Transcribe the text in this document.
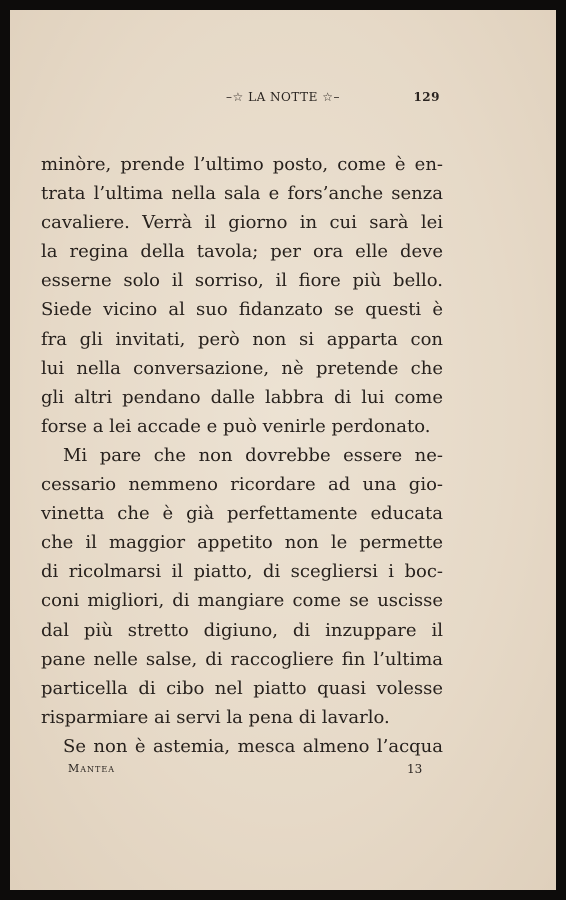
–☆ LA NOTTE ☆–	129
minòre, prende l’ultimo posto, come è en-
trata l’ultima nella sala e fors’anche senza
cavaliere. Verrà il giorno in cui sarà lei
la regina della tavola; per ora elle deve
esserne solo il sorriso, il fiore più bello.
Siede vicino al suo fidanzato se questi è
fra gli invitati, però non si apparta con
lui nella conversazione, nè pretende che
gli altri pendano dalle labbra di lui come
forse a lei accade e può venirle perdonato.
Mi pare che non dovrebbe essere ne-
cessario nemmeno ricordare ad una gio-
vinetta che è già perfettamente educata
che il maggior appetito non le permette
di ricolmarsi il piatto, di scegliersi i boc-
coni migliori, di mangiare come se uscisse
dal più stretto digiuno, di inzuppare il
pane nelle salse, di raccogliere fin l’ultima
particella di cibo nel piatto quasi volesse
risparmiare ai servi la pena di lavarlo.
Se non è astemia, mesca almeno l’acqua
Mantea	13
